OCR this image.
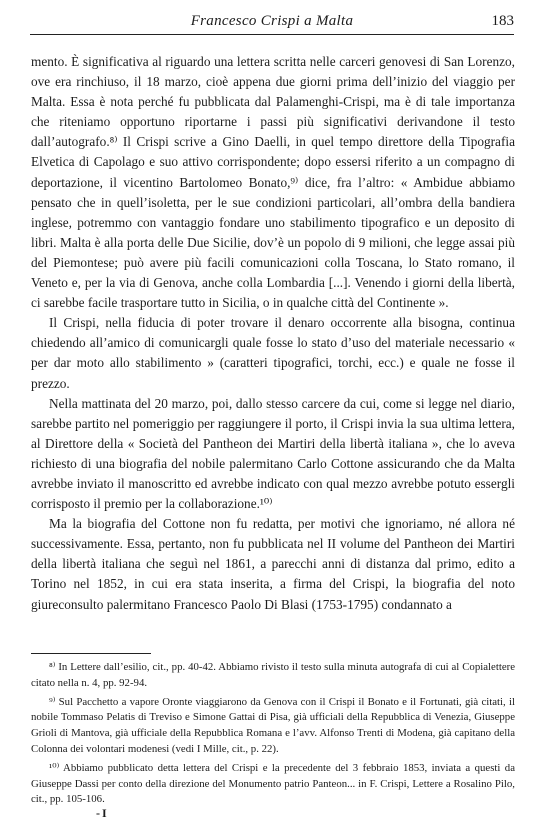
Francesco Crispi a Malta	183

mento. È significativa al riguardo una lettera scritta nelle carceri genovesi di San Lorenzo, ove era rinchiuso, il 18 marzo, cioè appena due giorni prima dell’inizio del viaggio per Malta. Essa è nota perché fu pubblicata dal Palamenghi-Crispi, ma è di tale importanza che riteniamo opportuno riportarne i passi più significativi derivandone il testo dall’autografo.⁸⁾ Il Crispi scrive a Gino Daelli, in quel tempo direttore della Tipografia Elvetica di Capolago e suo attivo corrispondente; dopo essersi riferito a un compagno di deportazione, il vicentino Bartolomeo Bonato,⁹⁾ dice, fra l’altro: « Ambidue abbiamo pensato che in quell’isoletta, per le sue condizioni particolari, all’ombra della bandiera inglese, potremmo con vantaggio fondare uno stabilimento tipografico e un deposito di libri. Malta è alla porta delle Due Sicilie, dov’è un popolo di 9 milioni, che legge assai più del Piemontese; può avere più facili comunicazioni colla Toscana, lo Stato romano, il Veneto e, per la via di Genova, anche colla Lombardia [...]. Venendo i giorni della libertà, ci sarebbe facile trasportare tutto in Sicilia, o in qualche città del Continente ».

Il Crispi, nella fiducia di poter trovare il denaro occorrente alla bisogna, continua chiedendo all’amico di comunicargli quale fosse lo stato d’uso del materiale necessario « per dar moto allo stabilimento » (caratteri tipografici, torchi, ecc.) e quale ne fosse il prezzo.

Nella mattinata del 20 marzo, poi, dallo stesso carcere da cui, come si legge nel diario, sarebbe partito nel pomeriggio per raggiungere il porto, il Crispi invia la sua ultima lettera, al Direttore della « Società del Pantheon dei Martiri della libertà italiana », che lo aveva richiesto di una biografia del nobile palermitano Carlo Cottone assicurando che da Malta avrebbe inviato il manoscritto ed avrebbe indicato con qual mezzo avrebbe potuto essergli corrisposto il premio per la collaborazione.¹⁰⁾

Ma la biografia del Cottone non fu redatta, per motivi che ignoriamo, né allora né successivamente. Essa, pertanto, non fu pubblicata nel II volume del Pantheon dei Martiri della libertà italiana che seguì nel 1861, a parecchi anni di distanza dal primo, edito a Torino nel 1852, in cui era stata inserita, a firma del Crispi, la biografia del noto giureconsulto palermitano Francesco Paolo Di Blasi (1753-1795) condannato a

⁸⁾ In Lettere dall’esilio, cit., pp. 40-42. Abbiamo rivisto il testo sulla minuta autografa di cui al Copialettere citato nella n. 4, pp. 92-94.

⁹⁾ Sul Pacchetto a vapore Oronte viaggiarono da Genova con il Crispi il Bonato e il Fortunati, già citati, il nobile Tommaso Pelatis di Treviso e Simone Gattai di Pisa, già ufficiali della Repubblica di Venezia, Giuseppe Grioli di Mantova, già ufficiale della Repubblica Romana e l’avv. Alfonso Trenti di Modena, già capitano della Colonna dei volontari modenesi (vedi I Mille, cit., p. 22).

¹⁰⁾ Abbiamo pubblicato detta lettera del Crispi e la precedente del 3 febbraio 1853, inviata a questi da Giuseppe Dassi per conto della direzione del Monumento patrio Panteon... in F. Crispi, Lettere a Rosalino Pilo, cit., pp. 105-106.

-I
